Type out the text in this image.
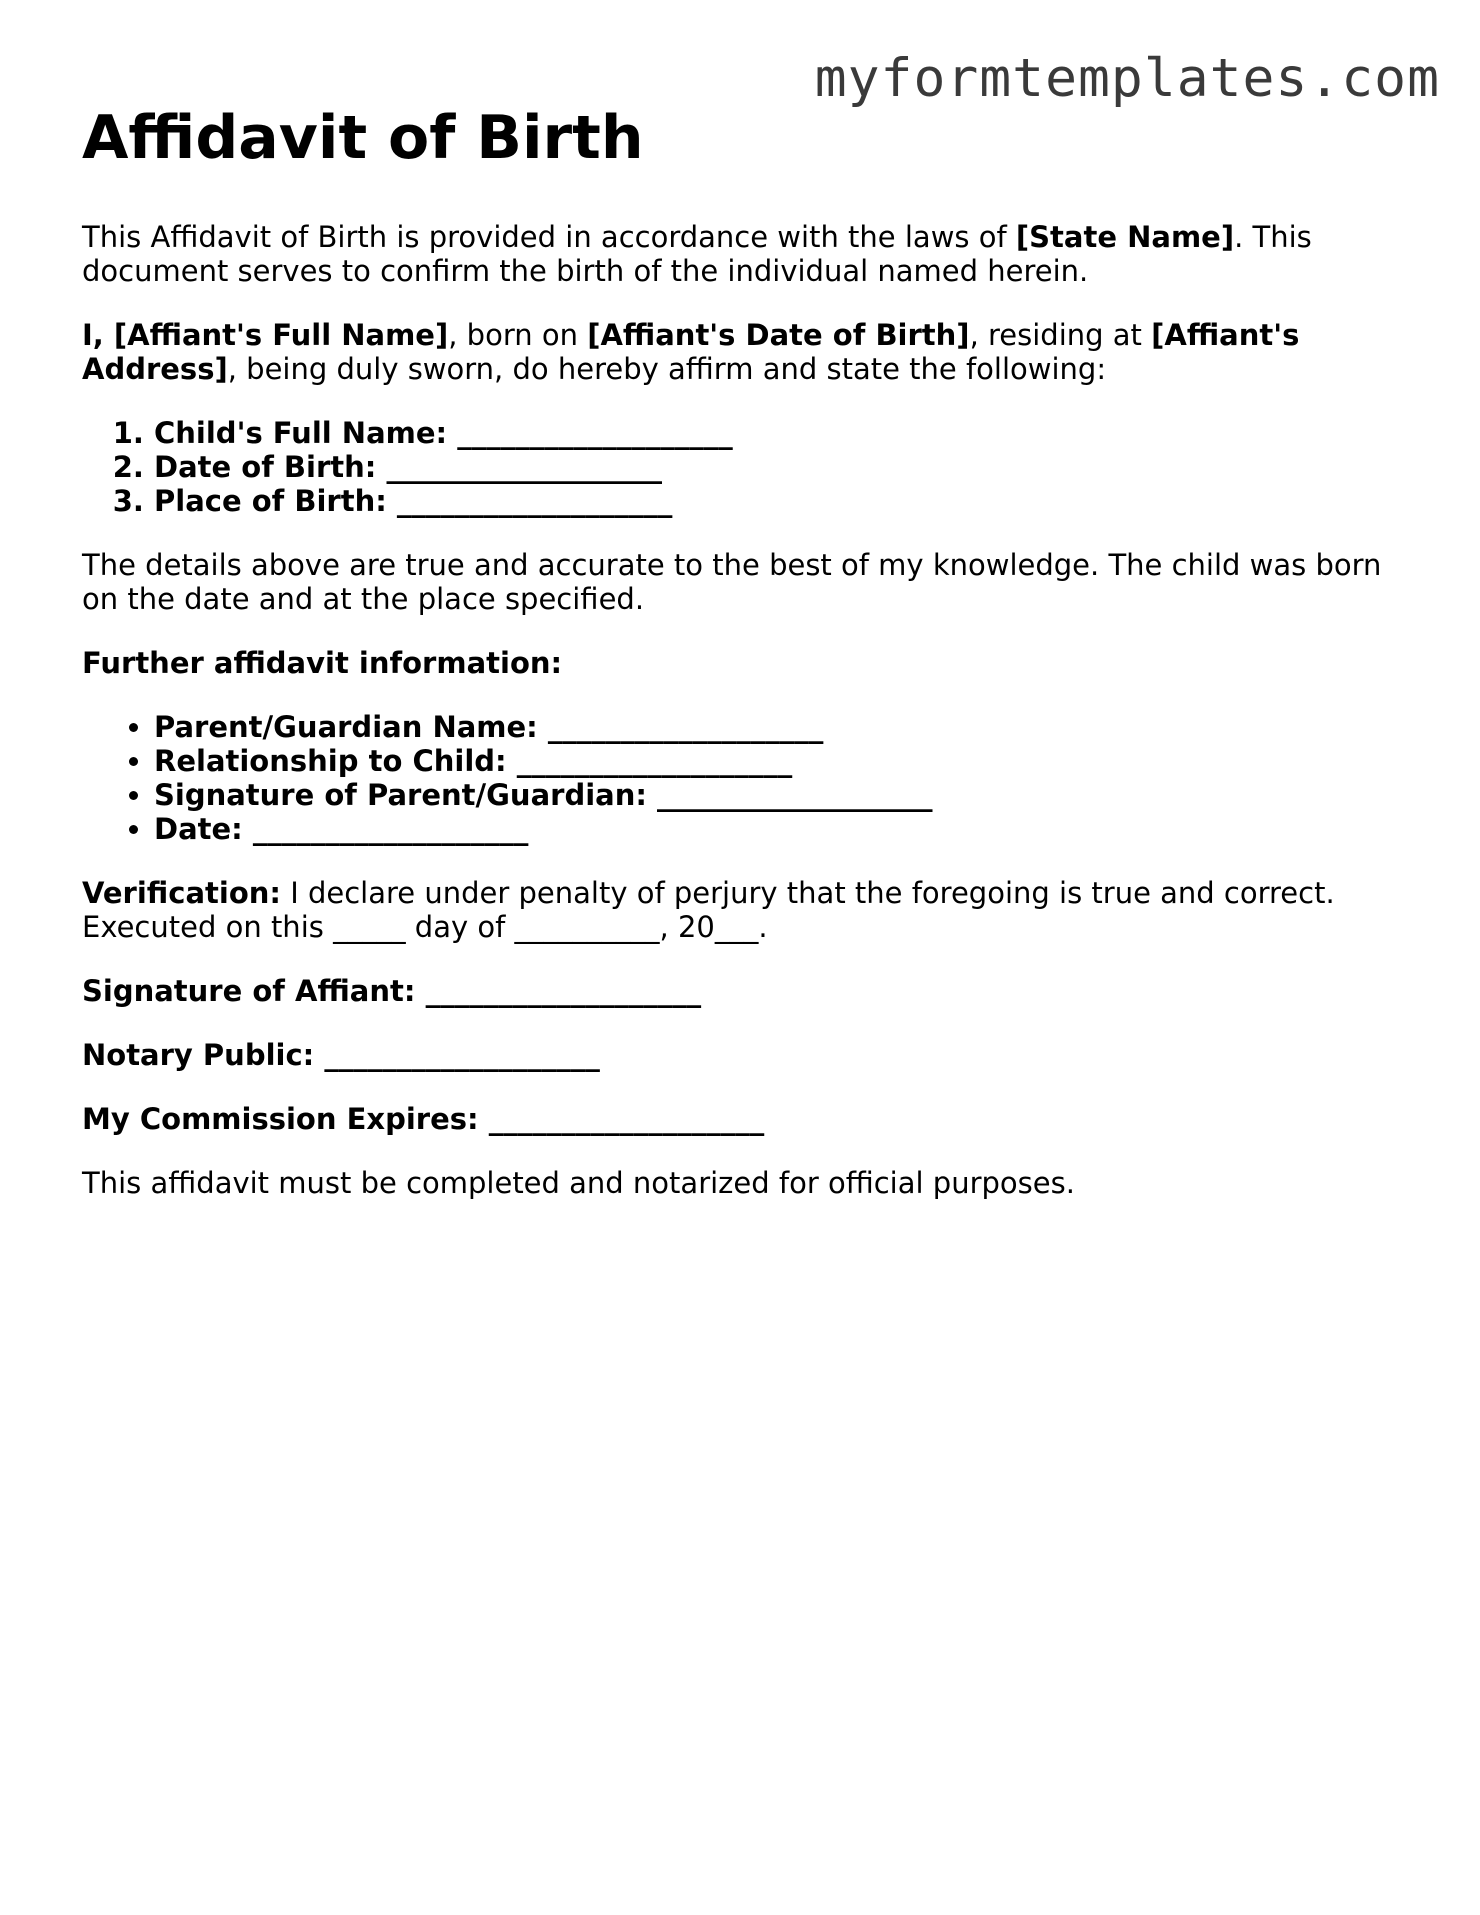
myformtemplates.com
Affidavit of Birth

This Affidavit of Birth is provided in accordance with the laws of [State Name]. This document serves to confirm the birth of the individual named herein.

I, [Affiant's Full Name], born on [Affiant's Date of Birth], residing at [Affiant's Address], being duly sworn, do hereby affirm and state the following:

1. Child's Full Name: ___________________
2. Date of Birth: ___________________
3. Place of Birth: ___________________

The details above are true and accurate to the best of my knowledge. The child was born on the date and at the place specified.

Further affidavit information:

• Parent/Guardian Name: ___________________
• Relationship to Child: ___________________
• Signature of Parent/Guardian: ___________________
• Date: ___________________

Verification: I declare under penalty of perjury that the foregoing is true and correct. Executed on this _____ day of __________, 20___.

Signature of Affiant: ___________________

Notary Public: ___________________

My Commission Expires: ___________________

This affidavit must be completed and notarized for official purposes.
